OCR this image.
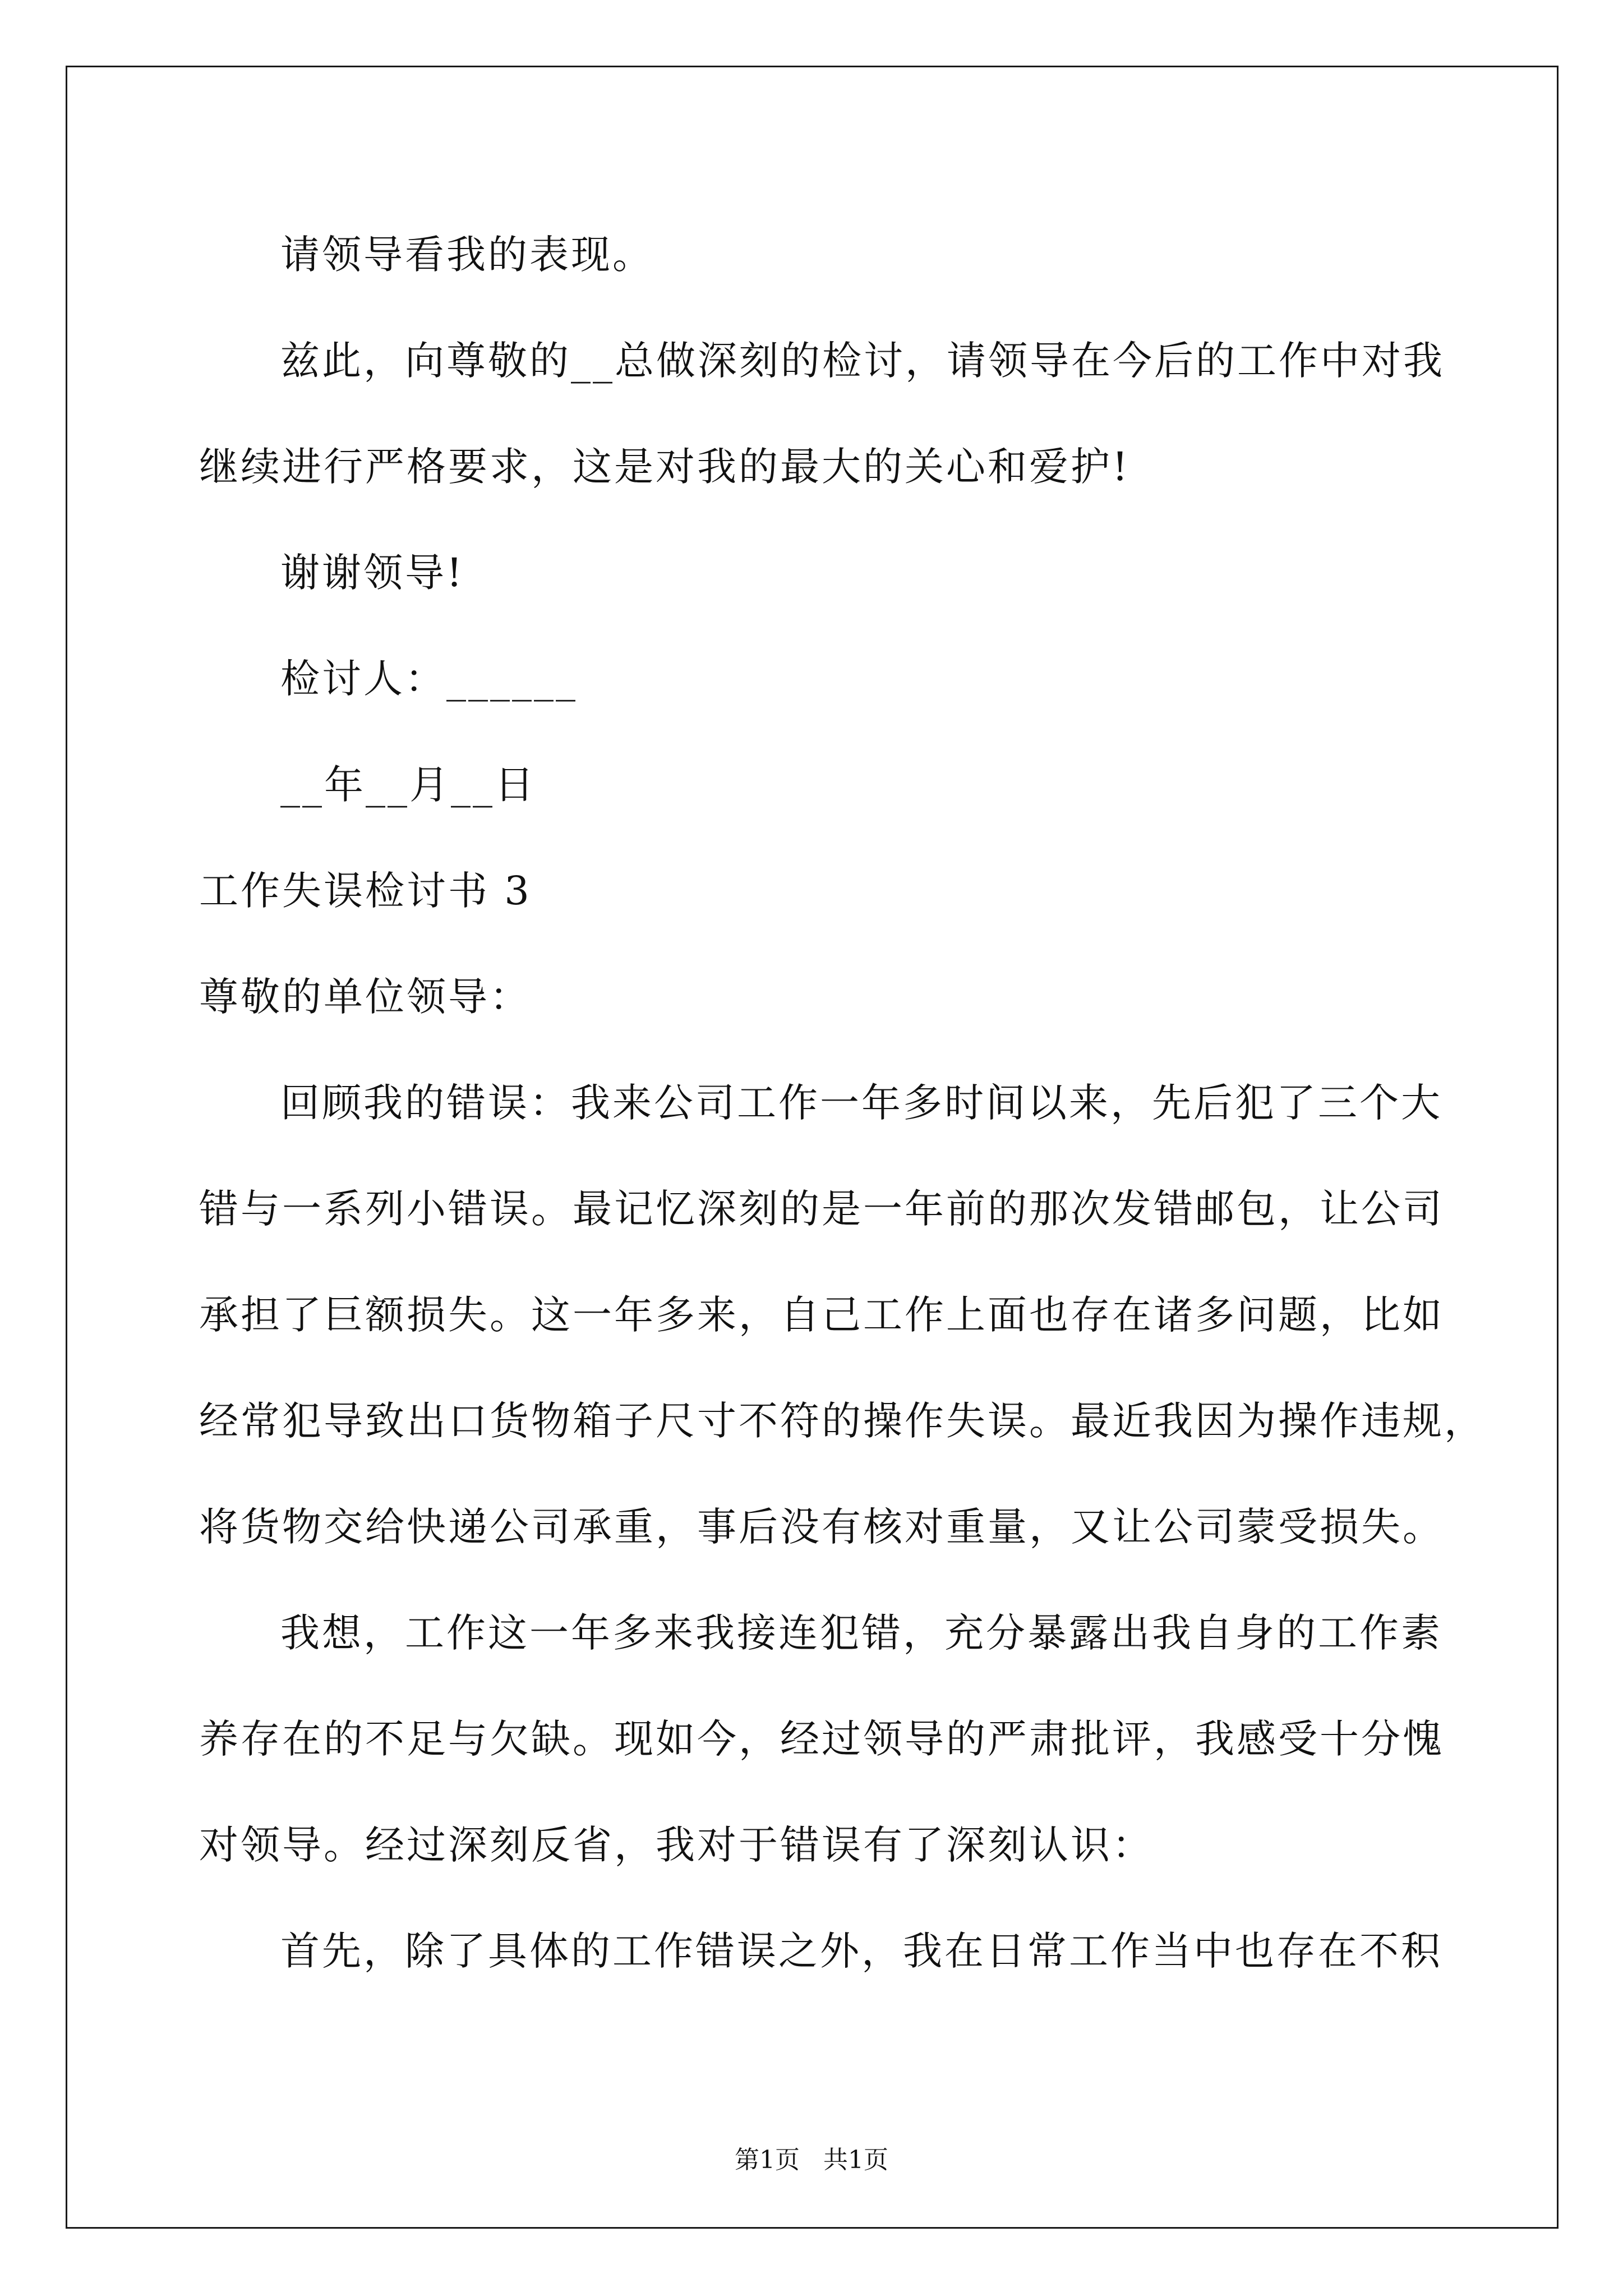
请领导看我的表现。
兹此，向尊敬的__总做深刻的检讨，请领导在今后的工作中对我
继续进行严格要求，这是对我的最大的关心和爱护!
谢谢领导!
检讨人：______
__年__月__日
工作失误检讨书 3
尊敬的单位领导：
回顾我的错误：我来公司工作一年多时间以来，先后犯了三个大
错与一系列小错误。最记忆深刻的是一年前的那次发错邮包，让公司
承担了巨额损失。这一年多来，自己工作上面也存在诸多问题，比如
经常犯导致出口货物箱子尺寸不符的操作失误。最近我因为操作违规，
将货物交给快递公司承重，事后没有核对重量，又让公司蒙受损失。
我想，工作这一年多来我接连犯错，充分暴露出我自身的工作素
养存在的不足与欠缺。现如今，经过领导的严肃批评，我感受十分愧
对领导。经过深刻反省，我对于错误有了深刻认识：
首先，除了具体的工作错误之外，我在日常工作当中也存在不积
第1页   共1页
